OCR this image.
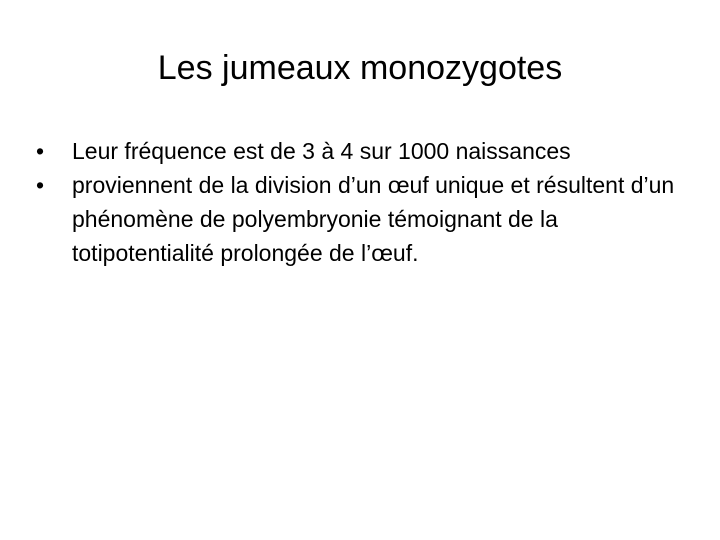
Les jumeaux monozygotes
•	Leur fréquence est de 3 à 4 sur 1000 naissances
•	proviennent de la division d’un œuf unique et résultent d’un phénomène de polyembryonie témoignant de la totipotentialité prolongée de l’œuf.
